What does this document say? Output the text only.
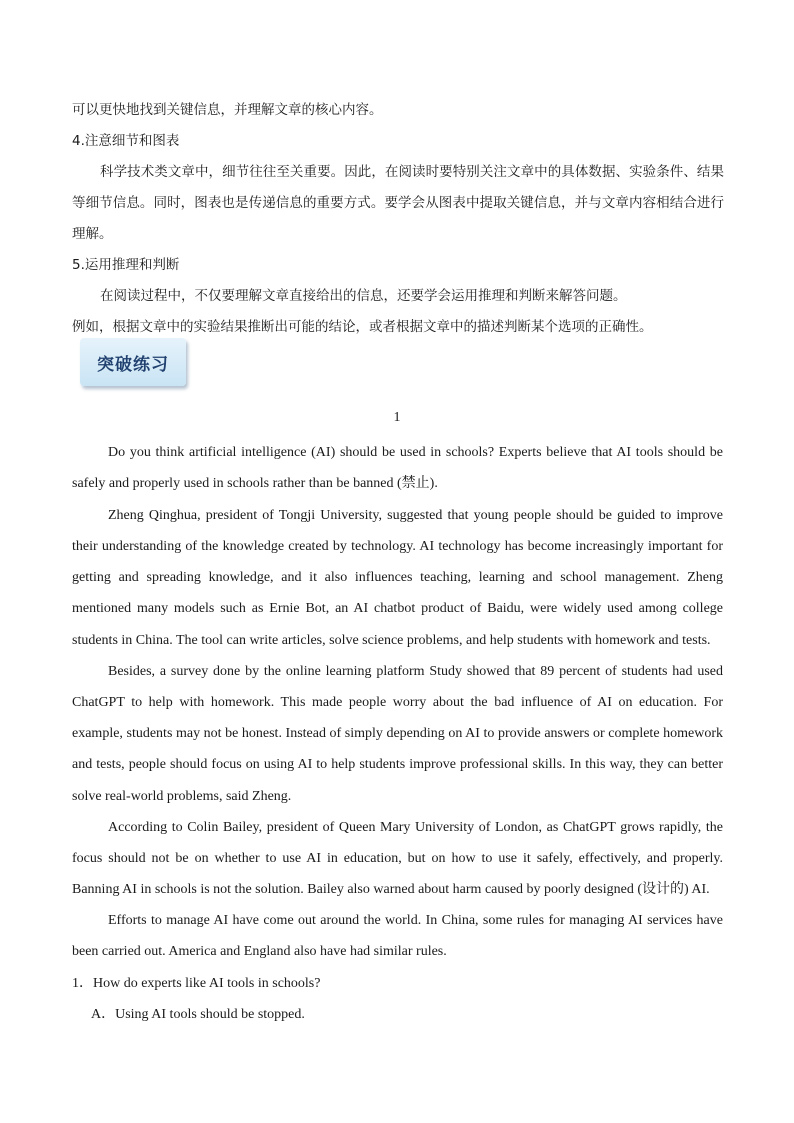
可以更快地找到关键信息，并理解文章的核心内容。

4.注意细节和图表

科学技术类文章中，细节往往至关重要。因此，在阅读时要特别关注文章中的具体数据、实验条件、结果等细节信息。同时，图表也是传递信息的重要方式。要学会从图表中提取关键信息，并与文章内容相结合进行理解。

5.运用推理和判断

在阅读过程中，不仅要理解文章直接给出的信息，还要学会运用推理和判断来解答问题。

例如，根据文章中的实验结果推断出可能的结论，或者根据文章中的描述判断某个选项的正确性。

突破练习
1

Do you think artificial intelligence (AI) should be used in schools? Experts believe that AI tools should be safely and properly used in schools rather than be banned (禁止).

Zheng Qinghua, president of Tongji University, suggested that young people should be guided to improve their understanding of the knowledge created by technology. AI technology has become increasingly important for getting and spreading knowledge, and it also influences teaching, learning and school management. Zheng mentioned many models such as Ernie Bot, an AI chatbot product of Baidu, were widely used among college students in China. The tool can write articles, solve science problems, and help students with homework and tests.

Besides, a survey done by the online learning platform Study showed that 89 percent of students had used ChatGPT to help with homework. This made people worry about the bad influence of AI on education. For example, students may not be honest. Instead of simply depending on AI to provide answers or complete homework and tests, people should focus on using AI to help students improve professional skills. In this way, they can better solve real-world problems, said Zheng.

According to Colin Bailey, president of Queen Mary University of London, as ChatGPT grows rapidly, the focus should not be on whether to use AI in education, but on how to use it safely, effectively, and properly. Banning AI in schools is not the solution. Bailey also warned about harm caused by poorly designed (设计的) AI.

Efforts to manage AI have come out around the world. In China, some rules for managing AI services have been carried out. America and England also have had similar rules.

1．How do experts like AI tools in schools?

A．Using AI tools should be stopped.
